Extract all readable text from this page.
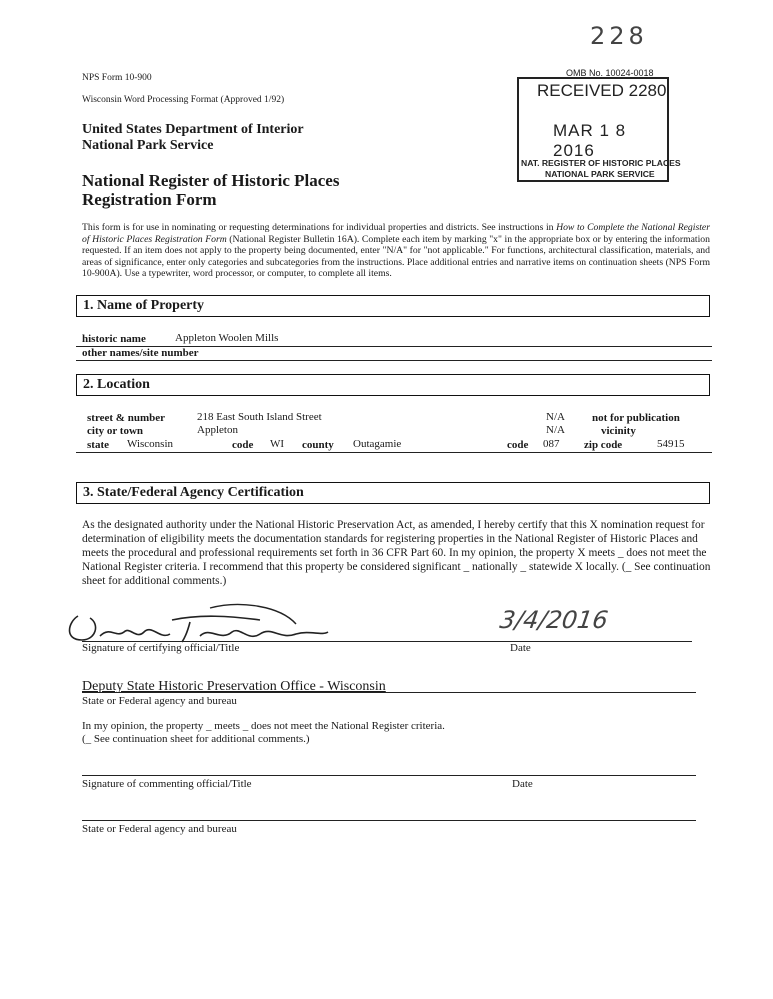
228
NPS Form 10-900
Wisconsin Word Processing Format (Approved 1/92)
OMB No. 10024-0018
RECEIVED 2280
MAR 1 8 2016
NAT. REGISTER OF HISTORIC PLACES
NATIONAL PARK SERVICE
United States Department of Interior
National Park Service
National Register of Historic Places
Registration Form
This form is for use in nominating or requesting determinations for individual properties and districts. See instructions in How to Complete the National Register of Historic Places Registration Form (National Register Bulletin 16A). Complete each item by marking "x" in the appropriate box or by entering the information requested. If an item does not apply to the property being documented, enter "N/A" for "not applicable." For functions, architectural classification, materials, and areas of significance, enter only categories and subcategories from the instructions. Place additional entries and narrative items on continuation sheets (NPS Form 10-900A). Use a typewriter, word processor, or computer, to complete all items.
1. Name of Property
historic name	Appleton Woolen Mills
other names/site number
2. Location
street & number	218 East South Island Street	N/A not for publication
city or town	Appleton	N/A	vicinity
state Wisconsin	code WI county Outagamie	code 087 zip code	54915
3. State/Federal Agency Certification

As the designated authority under the National Historic Preservation Act, as amended, I hereby certify that this X nomination request for determination of eligibility meets the documentation standards for registering properties in the National Register of Historic Places and meets the procedural and professional requirements set forth in 36 CFR Part 60. In my opinion, the property X meets _ does not meet the National Register criteria. I recommend that this property be considered significant _ nationally _ statewide X locally. (_ See continuation sheet for additional comments.)

Signature of certifying official/Title
3/4/2016
Date
Deputy State Historic Preservation Office - Wisconsin
State or Federal agency and bureau
In my opinion, the property _ meets _ does not meet the National Register criteria.
(_ See continuation sheet for additional comments.)
Signature of commenting official/Title	Date
State or Federal agency and bureau
